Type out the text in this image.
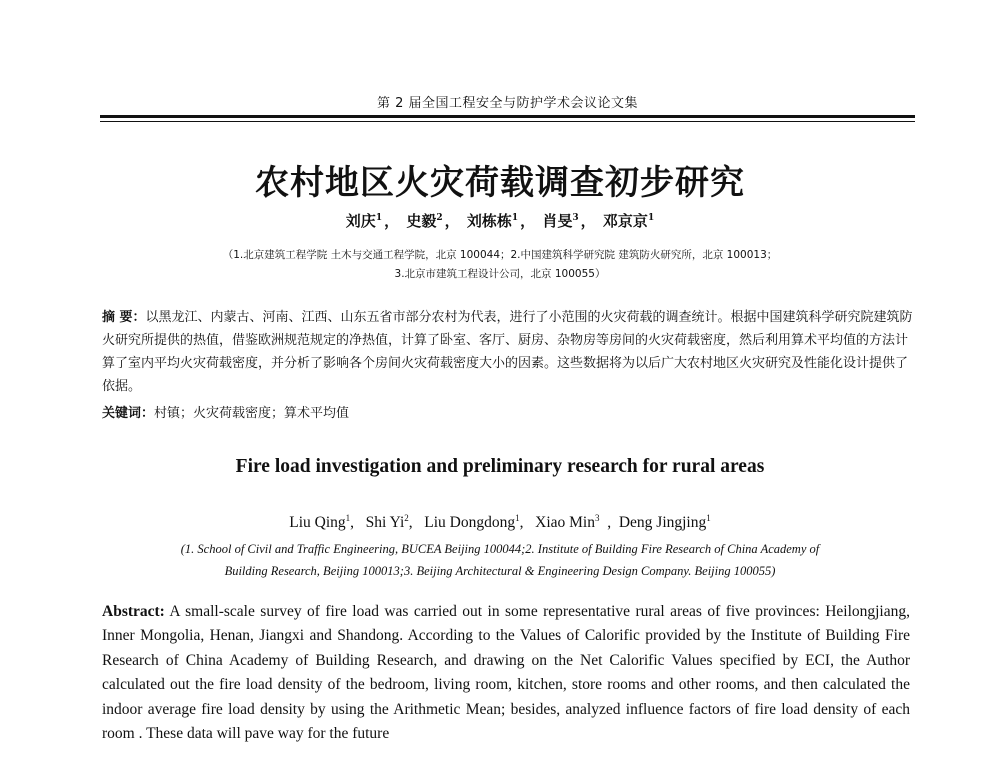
第 2 届全国工程安全与防护学术会议论文集
农村地区火灾荷载调查初步研究
刘庆$^1$ ， 史毅$^2$ ， 刘栋栋$^1$ ， 肖旻$^3$ ， 邓京京$^1$
（1.北京建筑工程学院 土木与交通工程学院，北京 100044；2.中国建筑科学研究院 建筑防火研究所，北京 100013；
3.北京市建筑工程设计公司，北京 100055）
摘 要：以黑龙江、内蒙古、河南、江西、山东五省市部分农村为代表，进行了小范围的火灾荷载的调查统计。根据中国建筑科学研究院建筑防火研究所提供的热值，借鉴欧洲规范规定的净热值，计算了卧室、客厅、厨房、杂物房等房间的火灾荷载密度，然后利用算术平均值的方法计算了室内平均火灾荷载密度，并分析了影响各个房间火灾荷载密度大小的因素。这些数据将为以后广大农村地区火灾研究及性能化设计提供了依据。
关键词：村镇；火灾荷载密度；算术平均值
Fire load investigation and preliminary research for rural areas
Liu Qing$^1$,   Shi Yi$^2$,   Liu Dongdong$^1$,   Xiao Min$^3$  ,  Deng Jingjing$^1$
(1. School of Civil and Traffic Engineering, BUCEA Beijing 100044;2. Institute of Building Fire Research of China Academy of
Building Research, Beijing 100013;3. Beijing Architectural & Engineering Design Company. Beijing 100055)
Abstract: A small-scale survey of fire load was carried out in some representative rural areas of five provinces: Heilongjiang, Inner Mongolia, Henan, Jiangxi and Shandong. According to the Values of Calorific provided by the Institute of Building Fire Research of China Academy of Building Research, and drawing on the Net Calorific Values specified by ECI, the Author calculated out the fire load density of the bedroom, living room, kitchen, store rooms and other rooms, and then calculated the indoor average fire load density by using the Arithmetic Mean; besides, analyzed influence factors of fire load density of each room . These data will pave way for the future
